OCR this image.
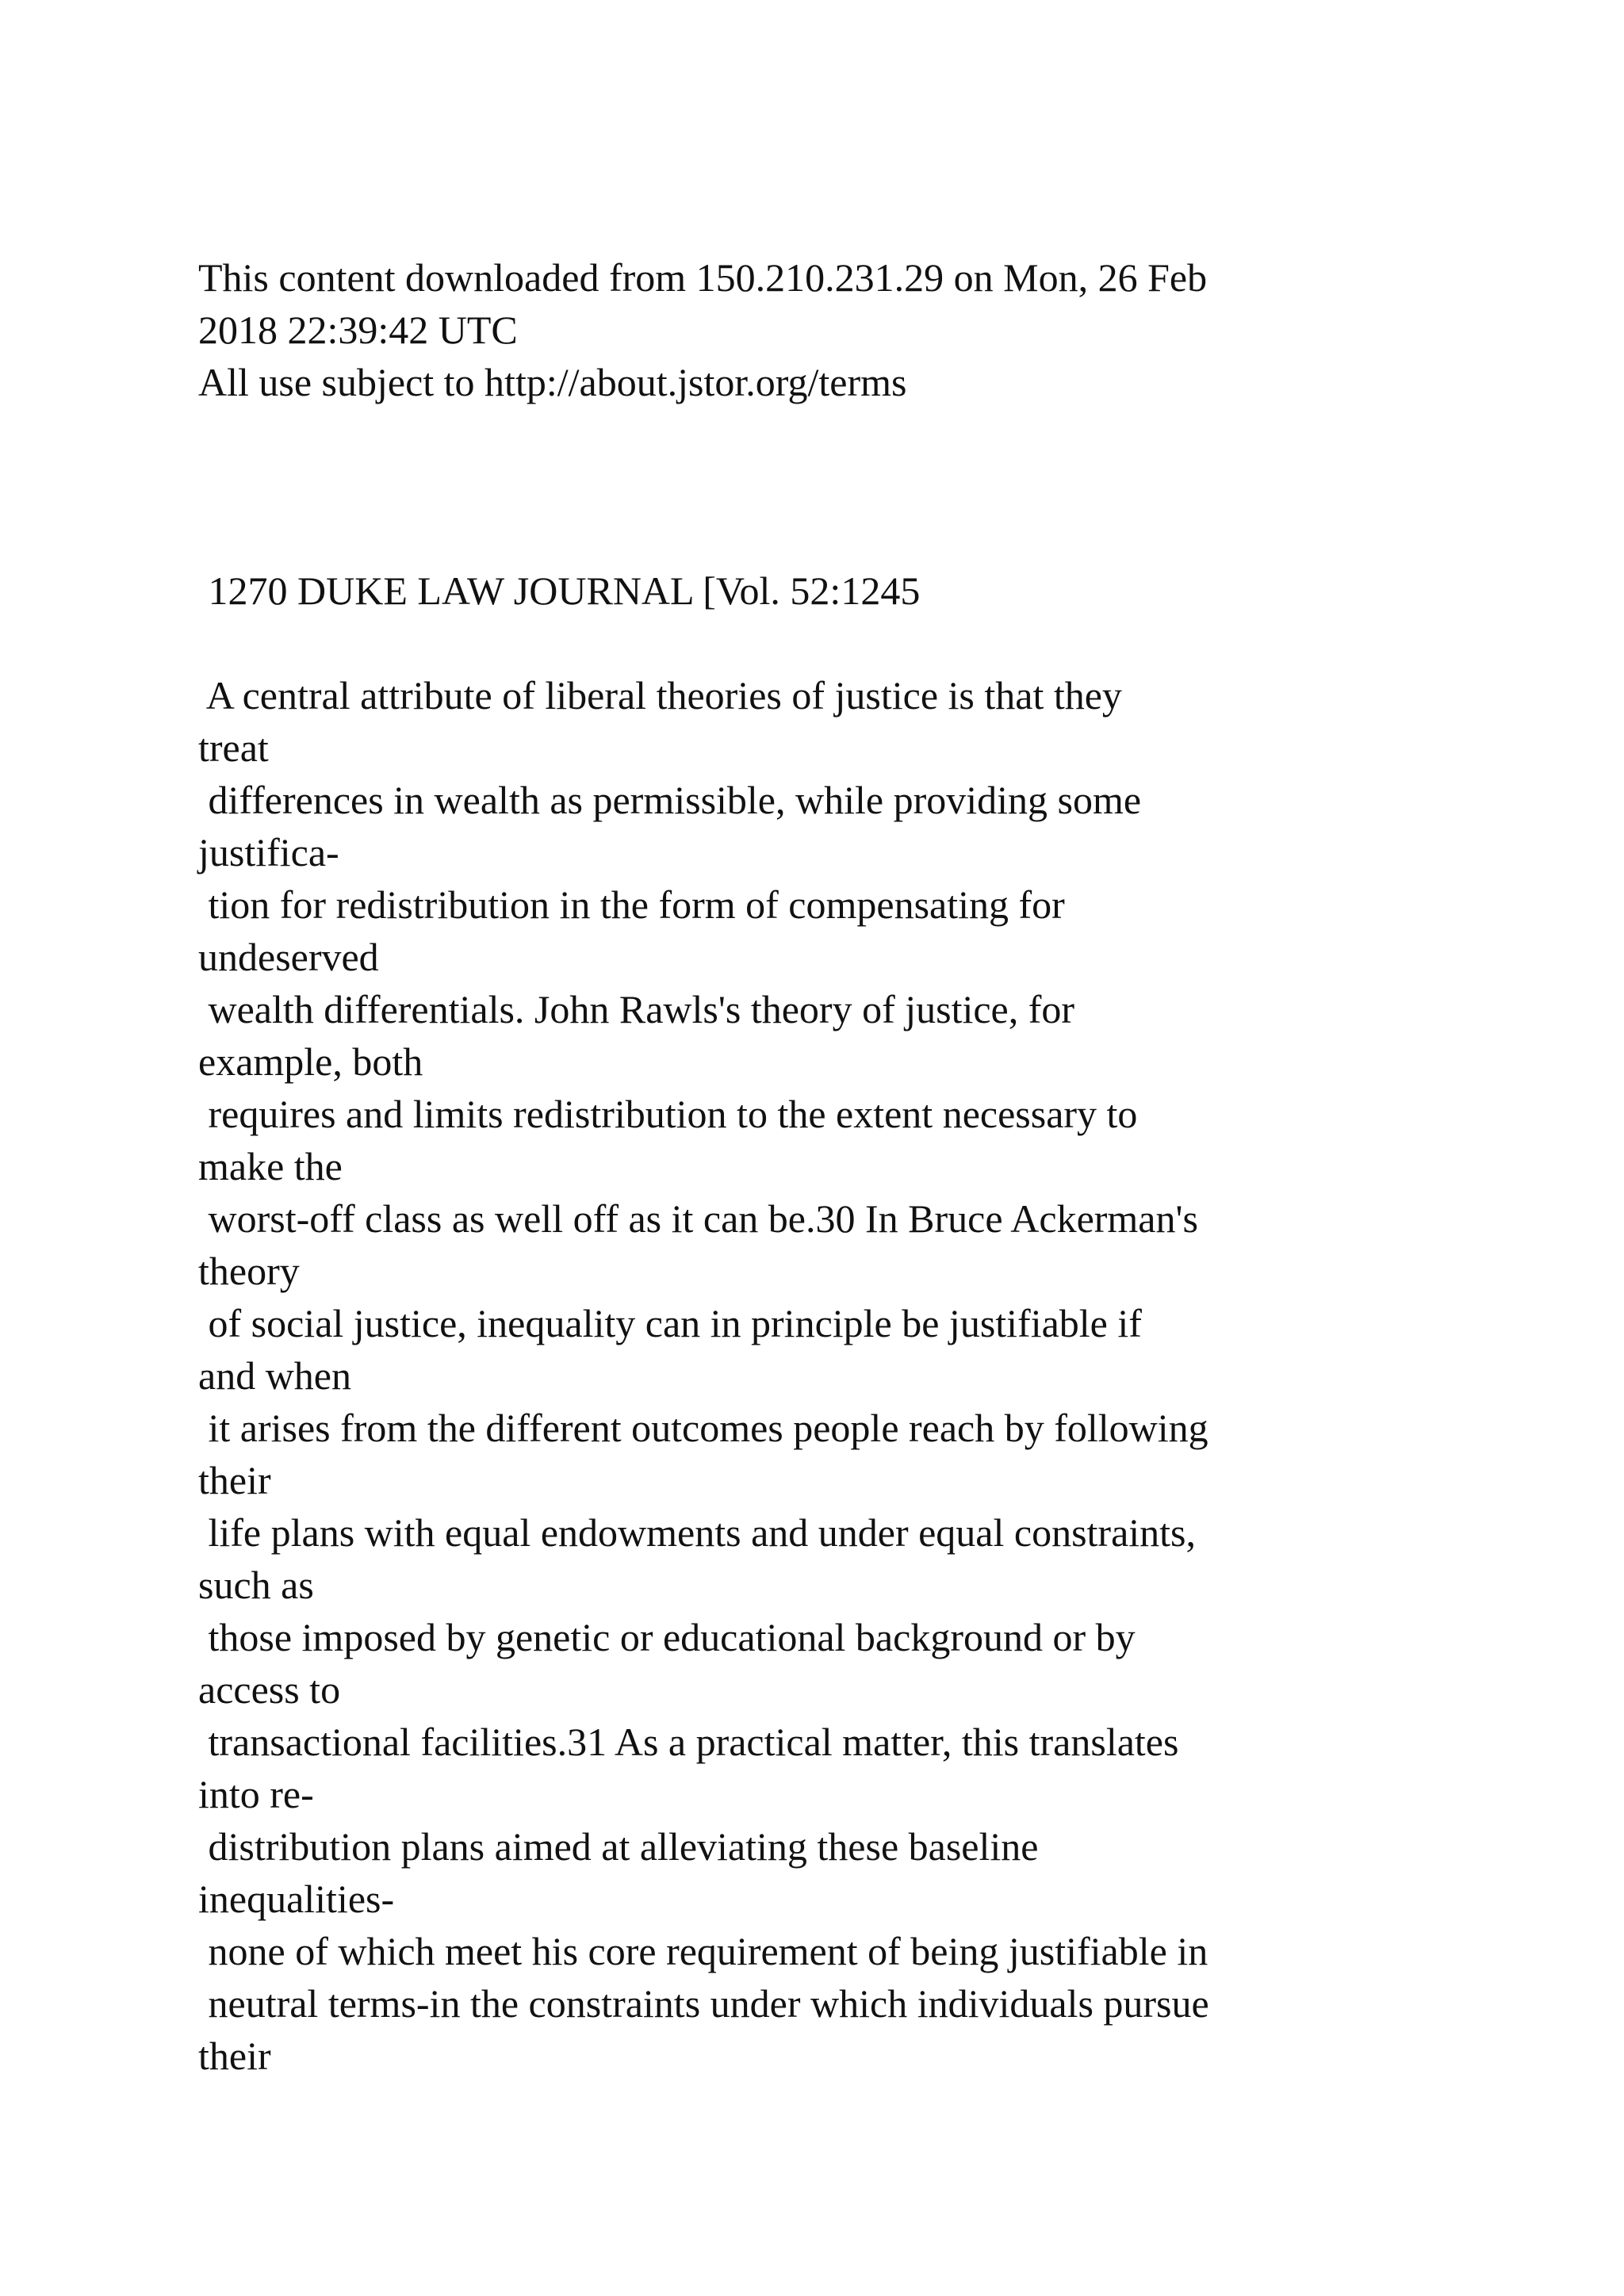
This content downloaded from 150.210.231.29 on Mon, 26 Feb

2018 22:39:42 UTC

All use subject to http://about.jstor.org/terms

1270 DUKE LAW JOURNAL [Vol. 52:1245

A central attribute of liberal theories of justice is that they

treat

differences in wealth as permissible, while providing some

justifica-

tion for redistribution in the form of compensating for

undeserved

wealth differentials. John Rawls's theory of justice, for

example, both

requires and limits redistribution to the extent necessary to

make the

worst-off class as well off as it can be.30 In Bruce Ackerman's

theory

of social justice, inequality can in principle be justifiable if

and when

it arises from the different outcomes people reach by following

their

life plans with equal endowments and under equal constraints,

such as

those imposed by genetic or educational background or by

access to

transactional facilities.31 As a practical matter, this translates

into re-

distribution plans aimed at alleviating these baseline

inequalities-

none of which meet his core requirement of being justifiable in

neutral terms-in the constraints under which individuals pursue

their
